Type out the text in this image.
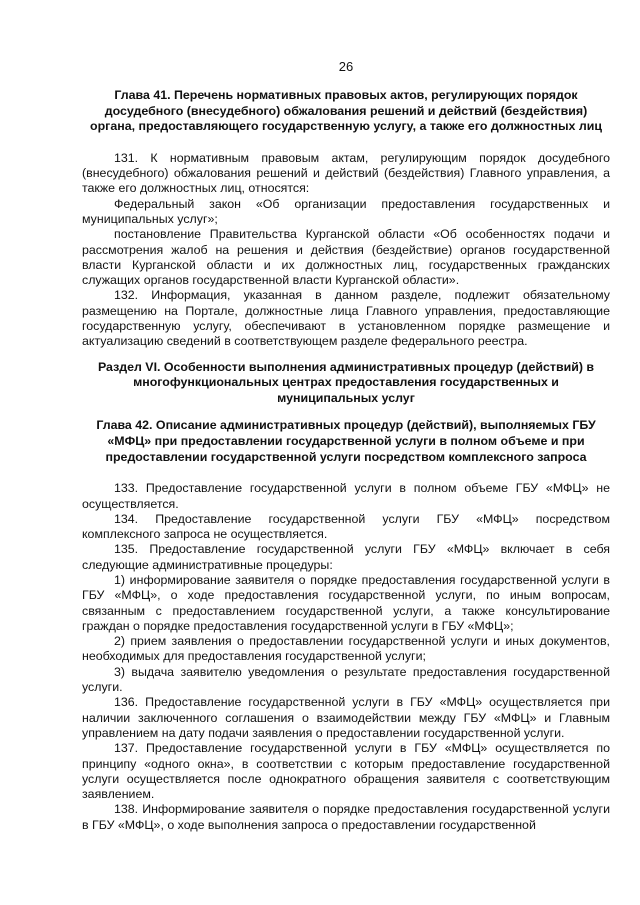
26

Глава 41. Перечень нормативных правовых актов, регулирующих порядок досудебного (внесудебного) обжалования решений и действий (бездействия) органа, предоставляющего государственную услугу, а также его должностных лиц

131. К нормативным правовым актам, регулирующим порядок досудебного (внесудебного) обжалования решений и действий (бездействия) Главного управления, а также его должностных лиц, относятся:

Федеральный закон «Об организации предоставления государственных и муниципальных услуг»;

постановление Правительства Курганской области «Об особенностях подачи и рассмотрения жалоб на решения и действия (бездействие) органов государственной власти Курганской области и их должностных лиц, государственных гражданских служащих органов государственной власти Курганской области».

132. Информация, указанная в данном разделе, подлежит обязательному размещению на Портале, должностные лица Главного управления, предоставляющие государственную услугу, обеспечивают в установленном порядке размещение и актуализацию сведений в соответствующем разделе федерального реестра.

Раздел VI. Особенности выполнения административных процедур (действий) в многофункциональных центрах предоставления государственных и муниципальных услуг

Глава 42. Описание административных процедур (действий), выполняемых ГБУ «МФЦ» при предоставлении государственной услуги в полном объеме и при предоставлении государственной услуги посредством комплексного запроса

133. Предоставление государственной услуги в полном объеме ГБУ «МФЦ» не осуществляется.

134. Предоставление государственной услуги ГБУ «МФЦ» посредством комплексного запроса не осуществляется.

135. Предоставление государственной услуги ГБУ «МФЦ» включает в себя следующие административные процедуры:

1) информирование заявителя о порядке предоставления государственной услуги в ГБУ «МФЦ», о ходе предоставления государственной услуги, по иным вопросам, связанным с предоставлением государственной услуги, а также консультирование граждан о порядке предоставления государственной услуги в ГБУ «МФЦ»;

2) прием заявления о предоставлении государственной услуги и иных документов, необходимых для предоставления государственной услуги;

3) выдача заявителю уведомления о результате предоставления государственной услуги.

136. Предоставление государственной услуги в ГБУ «МФЦ» осуществляется при наличии заключенного соглашения о взаимодействии между ГБУ «МФЦ» и Главным управлением на дату подачи заявления о предоставлении государственной услуги.

137. Предоставление государственной услуги в ГБУ «МФЦ» осуществляется по принципу «одного окна», в соответствии с которым предоставление государственной услуги осуществляется после однократного обращения заявителя с соответствующим заявлением.

138. Информирование заявителя о порядке предоставления государственной услуги в ГБУ «МФЦ», о ходе выполнения запроса о предоставлении государственной
